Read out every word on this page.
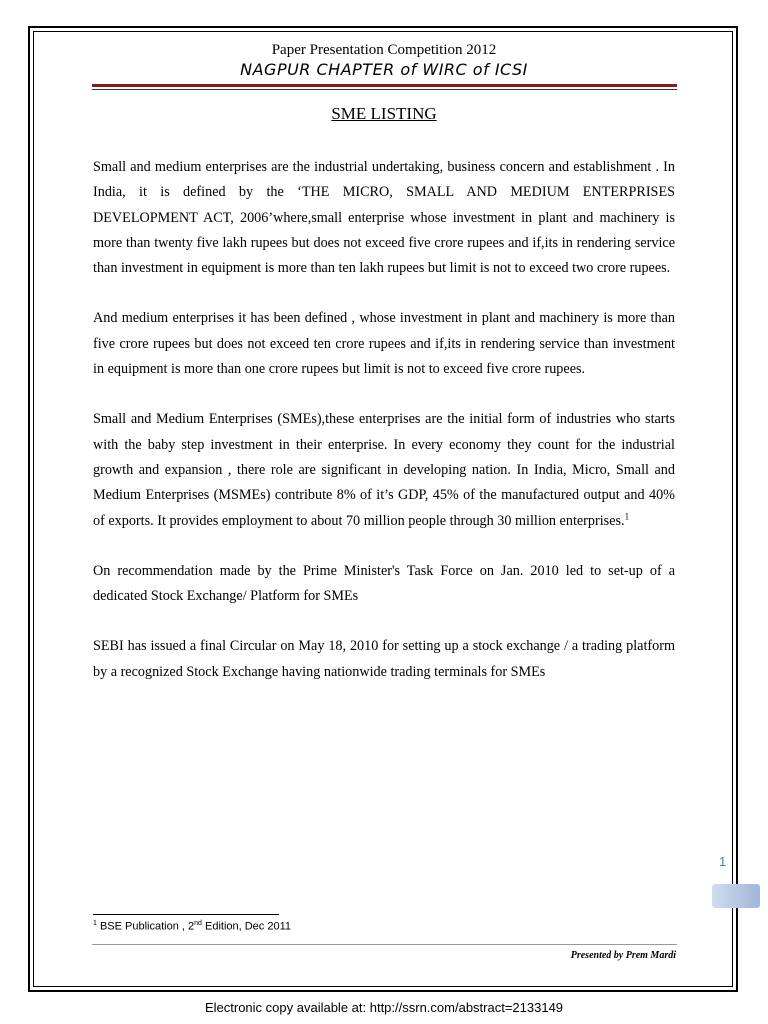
Paper Presentation Competition 2012
NAGPUR CHAPTER of WIRC of ICSI
SME LISTING

Small and medium enterprises are the industrial undertaking, business concern and establishment . In India, it is defined by the ‘THE MICRO, SMALL AND MEDIUM ENTERPRISES DEVELOPMENT ACT, 2006’where,small enterprise whose investment in plant and machinery is more than twenty five lakh rupees but does not exceed five crore rupees and if,its in rendering service than investment in equipment is more than ten lakh rupees but limit is not to exceed two crore rupees.

And medium enterprises it has been defined , whose investment in plant and machinery is more than five crore rupees but does not exceed ten crore rupees and if,its in rendering service than investment in equipment is more than one crore rupees but limit is not to exceed five crore rupees.

Small and Medium Enterprises (SMEs),these enterprises are the initial form of industries who starts with the baby step investment in their enterprise. In every economy they count for the industrial growth and expansion , there role are significant in developing nation. In India, Micro, Small and Medium Enterprises (MSMEs) contribute 8% of it’s GDP, 45% of the manufactured output and 40% of exports. It provides employment to about 70 million people through 30 million enterprises.$^1$

On recommendation made by the Prime Minister's Task Force on Jan. 2010 led to set-up of a dedicated Stock Exchange/ Platform for SMEs

SEBI has issued a final Circular on May 18, 2010 for setting up a stock exchange / a trading platform by a recognized Stock Exchange having nationwide trading terminals for SMEs

1
$^1$ BSE Publication , 2nd Edition, Dec 2011
Presented by Prem Mardi
Electronic copy available at: http://ssrn.com/abstract=2133149
